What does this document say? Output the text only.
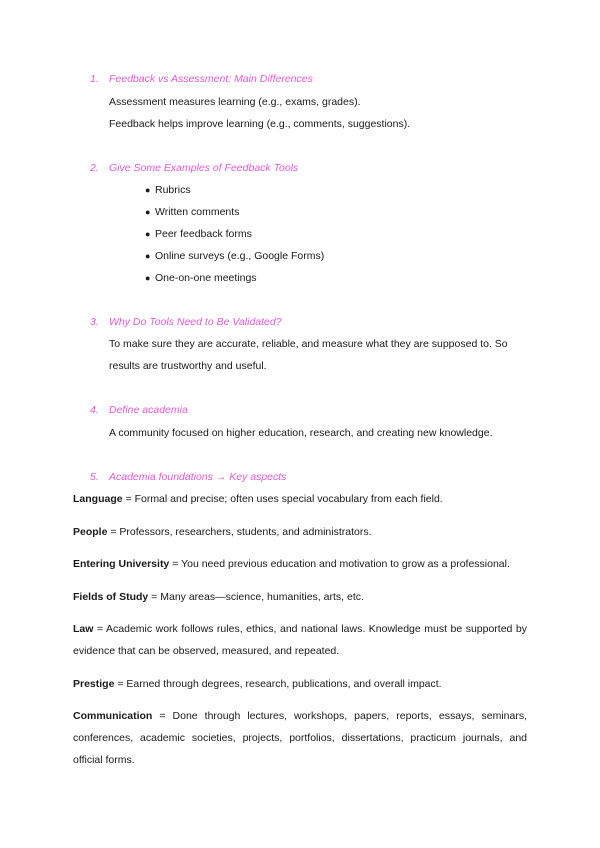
1. Feedback vs Assessment: Main Differences
Assessment measures learning (e.g., exams, grades).
Feedback helps improve learning (e.g., comments, suggestions).
2. Give Some Examples of Feedback Tools
● Rubrics
● Written comments
● Peer feedback forms
● Online surveys (e.g., Google Forms)
● One-on-one meetings
3. Why Do Tools Need to Be Validated?
To make sure they are accurate, reliable, and measure what they are supposed to. So
results are trustworthy and useful.
4. Define academia
A community focused on higher education, research, and creating new knowledge.
5. Academia foundations → Key aspects
Language = Formal and precise; often uses special vocabulary from each field.
People = Professors, researchers, students, and administrators.
Entering University = You need previous education and motivation to grow as a professional.
Fields of Study = Many areas—science, humanities, arts, etc.
Law = Academic work follows rules, ethics, and national laws. Knowledge must be supported by evidence that can be observed, measured, and repeated.
Prestige = Earned through degrees, research, publications, and overall impact.
Communication = Done through lectures, workshops, papers, reports, essays, seminars, conferences, academic societies, projects, portfolios, dissertations, practicum journals, and official forms.
